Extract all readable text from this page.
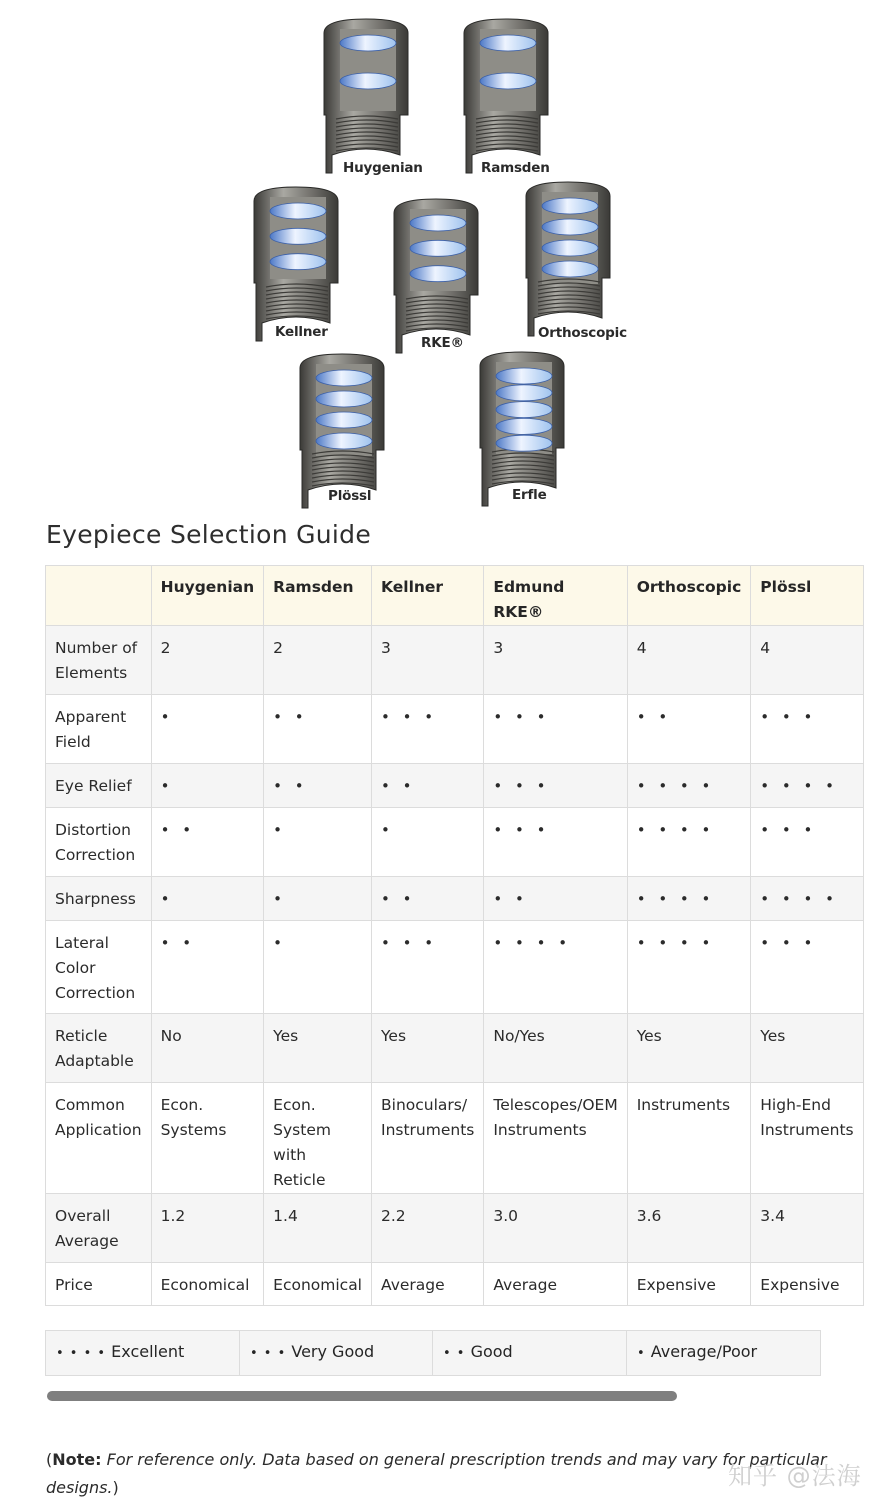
Huygenian	Ramsden
Kellner
RKE®
Orthoscopic
Plössl	Erfle
Eyepiece Selection Guide
	Huygenian	Ramsden	Kellner	Edmund RKE®	Orthoscopic	Plössl
Number of Elements	2	2	3	3	4	4
Apparent Field	•	• •	• • •	• • •	• •	• • •
Eye Relief	•	• •	• •	• • •	• • • •	• • • •
Distortion Correction	• •	•	•	• • •	• • • •	• • •
Sharpness	•	•	• •	• •	• • • •	• • • •
Lateral Color Correction	• •	•	• • •	• • • •	• • • •	• • •
Reticle Adaptable	No	Yes	Yes	No/Yes	Yes	Yes
Common Application	Econ. Systems	Econ. System with Reticle	Binoculars/ Instruments	Telescopes/OEM Instruments	Instruments	High-End Instruments
Overall Average	1.2	1.4	2.2	3.0	3.6	3.4
Price	Economical	Economical	Average	Average	Expensive	Expensive
• • • • Excellent	• • • Very Good	• • Good	• Average/Poor

(Note: For reference only. Data based on general prescription trends and may vary for particular designs.)	知乎 @法海
